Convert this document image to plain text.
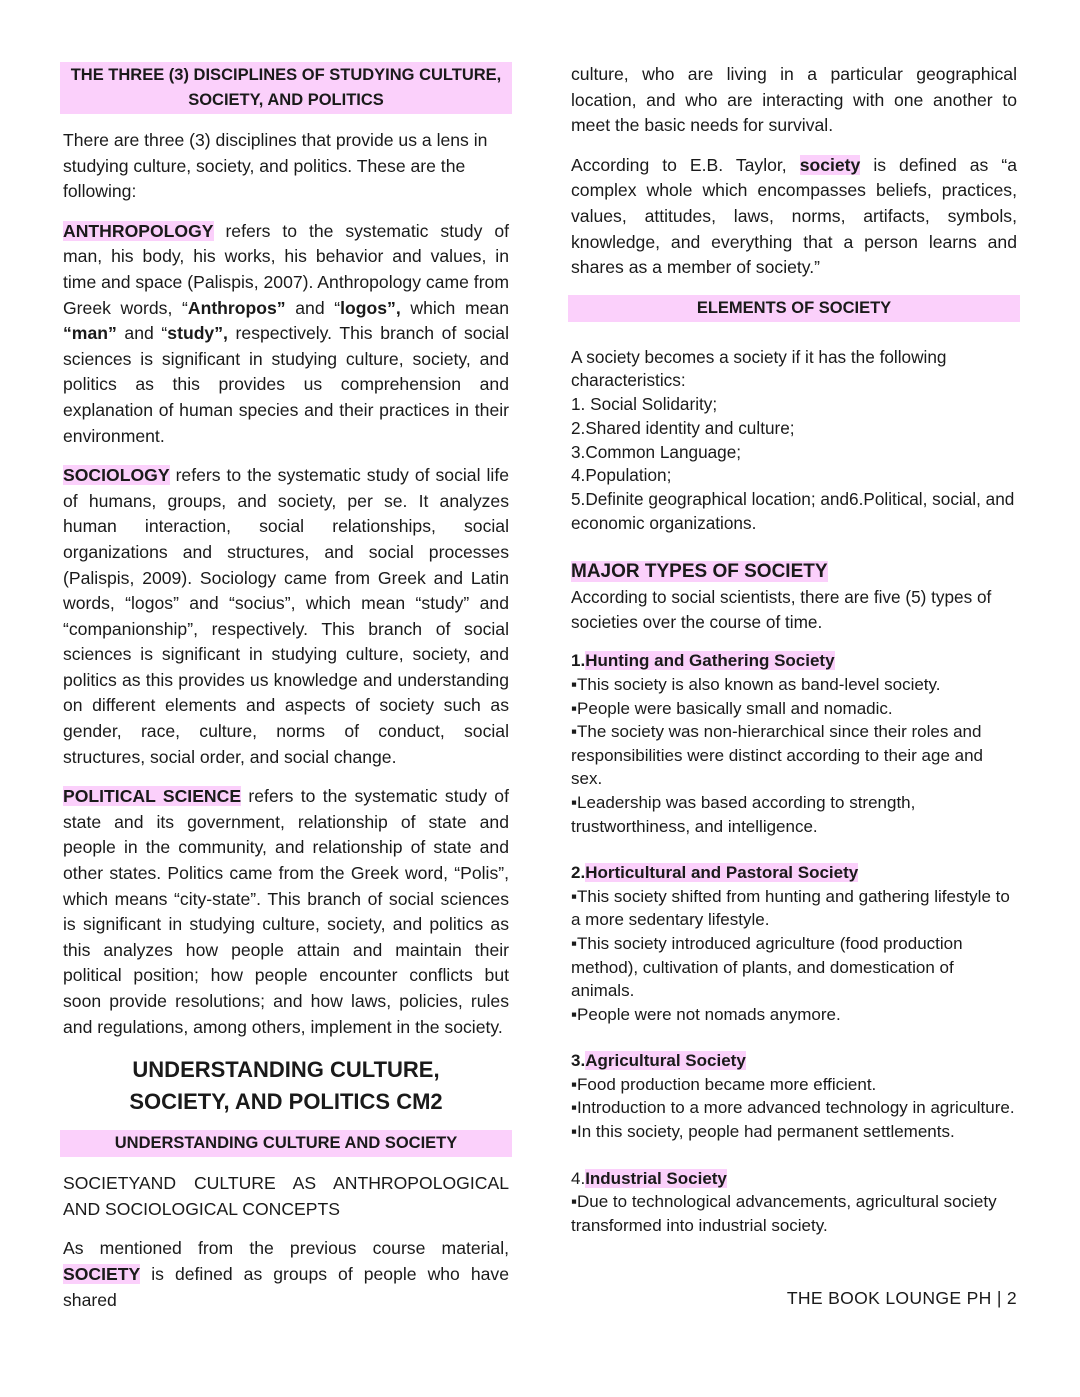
THE THREE (3) DISCIPLINES OF STUDYING CULTURE, SOCIETY, AND POLITICS

There are three (3) disciplines that provide us a lens in studying culture, society, and politics. These are the following:

ANTHROPOLOGY refers to the systematic study of man, his body, his works, his behavior and values, in time and space (Palispis, 2007). Anthropology came from Greek words, “Anthropos” and “logos”, which mean “man” and “study”, respectively. This branch of social sciences is significant in studying culture, society, and politics as this provides us comprehension and explanation of human species and their practices in their environment.

SOCIOLOGY refers to the systematic study of social life of humans, groups, and society, per se. It analyzes human interaction, social relationships, social organizations and structures, and social processes (Palispis, 2009). Sociology came from Greek and Latin words, “logos” and “socius”, which mean “study” and “companionship”, respectively. This branch of social sciences is significant in studying culture, society, and politics as this provides us knowledge and understanding on different elements and aspects of society such as gender, race, culture, norms of conduct, social structures, social order, and social change.

POLITICAL SCIENCE refers to the systematic study of state and its government, relationship of state and people in the community, and relationship of state and other states. Politics came from the Greek word, “Polis”, which means “city-state”. This branch of social sciences is significant in studying culture, society, and politics as this analyzes how people attain and maintain their political position; how people encounter conflicts but soon provide resolutions; and how laws, policies, rules and regulations, among others, implement in the society.

UNDERSTANDING CULTURE, SOCIETY, AND POLITICS CM2
UNDERSTANDING CULTURE AND SOCIETY

SOCIETYAND CULTURE AS ANTHROPOLOGICAL AND SOCIOLOGICAL CONCEPTS

As mentioned from the previous course material, SOCIETY is defined as groups of people who have shared

culture, who are living in a particular geographical location, and who are interacting with one another to meet the basic needs for survival.

According to E.B. Taylor, society is defined as “a complex whole which encompasses beliefs, practices, values, attitudes, laws, norms, artifacts, symbols, knowledge, and everything that a person learns and shares as a member of society.”

ELEMENTS OF SOCIETY
A society becomes a society if it has the following characteristics:
1. Social Solidarity;
2.Shared identity and culture;
3.Common Language;
4.Population;
5.Definite geographical location; and6.Political, social, and economic organizations.
MAJOR TYPES OF SOCIETY

According to social scientists, there are five (5) types of societies over the course of time.

1.Hunting and Gathering Society
▪This society is also known as band-level society.
▪People were basically small and nomadic.
▪The society was non-hierarchical since their roles and responsibilities were distinct according to their age and sex.
▪Leadership was based according to strength, trustworthiness, and intelligence.
2.Horticultural and Pastoral Society
▪This society shifted from hunting and gathering lifestyle to a more sedentary lifestyle.
▪This society introduced agriculture (food production method), cultivation of plants, and domestication of animals.
▪People were not nomads anymore.
3.Agricultural Society
▪Food production became more efficient.
▪Introduction to a more advanced technology in agriculture.
▪In this society, people had permanent settlements.
4.Industrial Society
▪Due to technological advancements, agricultural society transformed into industrial society.
THE BOOK LOUNGE PH | 2
